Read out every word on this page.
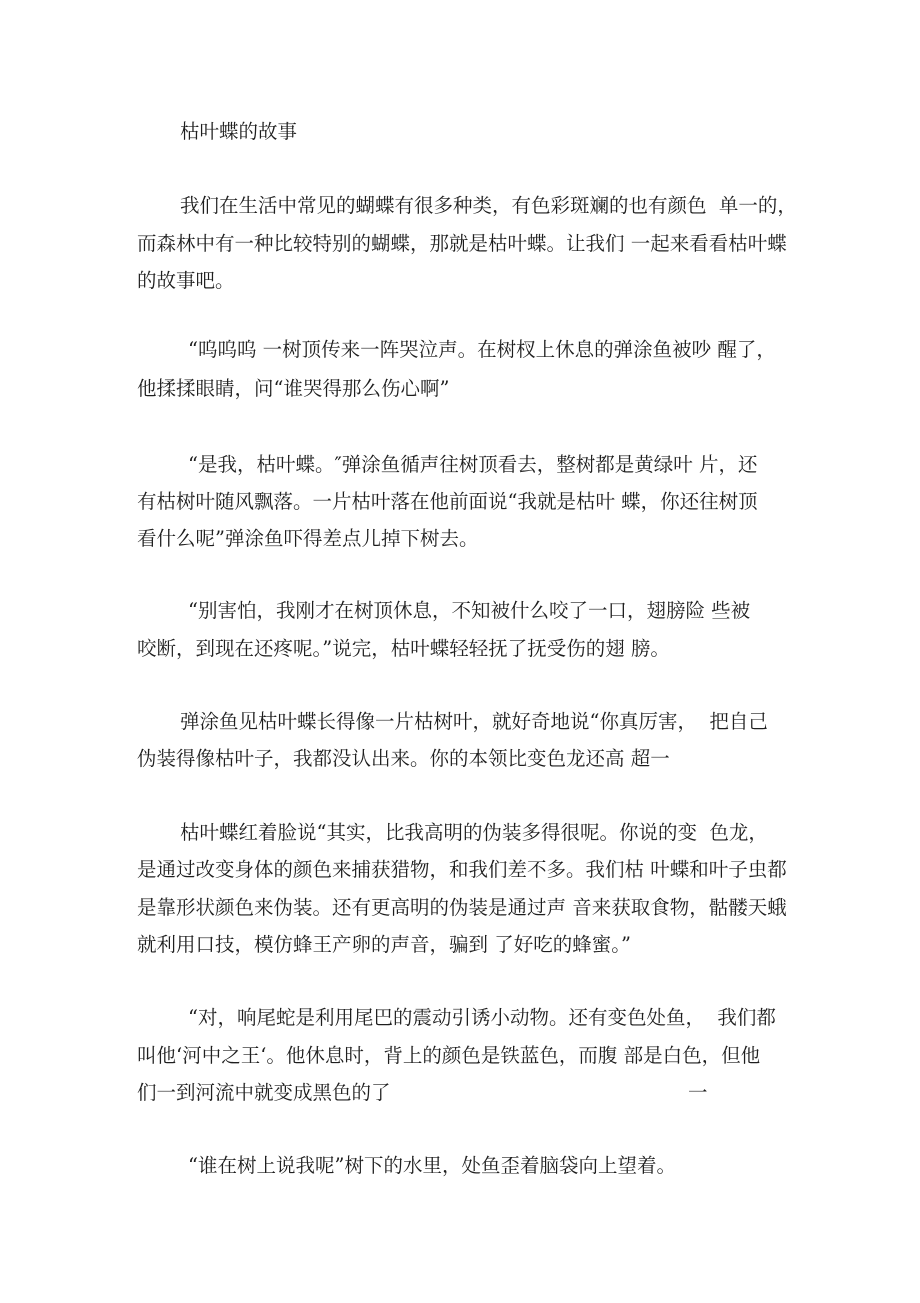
枯叶蝶的故事
我们在生活中常见的蝴蝶有很多种类，有色彩斑斓的也有颜色  单一的，
而森林中有一种比较特别的蝴蝶，那就是枯叶蝶。让我们 一起来看看枯叶蝶
的故事吧。
“呜呜呜 一树顶传来一阵哭泣声。在树杈上休息的弹涂鱼被吵 醒了，
他揉揉眼睛，问“谁哭得那么伤心啊”
“是我，枯叶蝶。″弹涂鱼循声往树顶看去，整树都是黄绿叶 片，还
有枯树叶随风飘落。一片枯叶落在他前面说“我就是枯叶 蝶，你还往树顶
看什么呢”弹涂鱼吓得差点儿掉下树去。
“别害怕，我刚才在树顶休息，不知被什么咬了一口，翅膀险 些被
咬断，到现在还疼呢。”说完，枯叶蝶轻轻抚了抚受伤的翅 膀。
弹涂鱼见枯叶蝶长得像一片枯树叶，就好奇地说“你真厉害，  把自己
伪装得像枯叶子，我都没认出来。你的本领比变色龙还高 超一
枯叶蝶红着脸说“其实，比我高明的伪装多得很呢。你说的变  色龙，
是通过改变身体的颜色来捕获猎物，和我们差不多。我们枯 叶蝶和叶子虫都
是靠形状颜色来伪装。还有更高明的伪装是通过声 音来获取食物，骷髅天蛾
就利用口技，模仿蜂王产卵的声音，骗到 了好吃的蜂蜜。”
“对，响尾蛇是利用尾巴的震动引诱小动物。还有变色处鱼，  我们都
叫他‘河中之王‘。他休息时，背上的颜色是铁蓝色，而腹 部是白色，但他
们一到河流中就变成黑色的了	一
“谁在树上说我呢”树下的水里，处鱼歪着脑袋向上望着。
